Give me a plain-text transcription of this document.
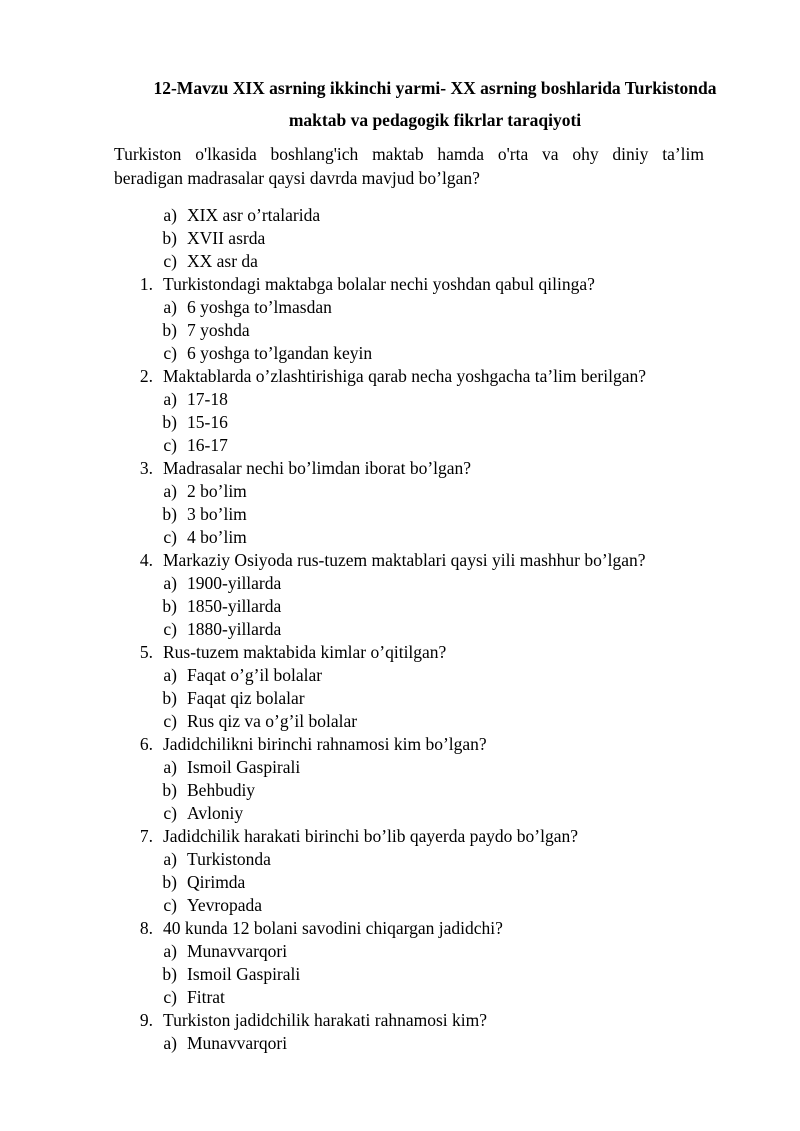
12-Mavzu XIX asrning ikkinchi yarmi- XX asrning boshlarida Turkistonda
maktab va pedagogik fikrlar taraqiyoti
Turkiston o'lkasida boshlang'ich maktab hamda o'rta va ohy diniy ta’lim
beradigan madrasalar qaysi davrda mavjud bo’lgan?
a) XIX asr o’rtalarida
b) XVII asrda
c) XX asr da
1. Turkistondagi maktabga bolalar nechi yoshdan qabul qilinga?
a) 6 yoshga to’lmasdan
b) 7 yoshda
c) 6 yoshga to’lgandan keyin
2. Maktablarda o’zlashtirishiga qarab necha yoshgacha ta’lim berilgan?
a) 17-18
b) 15-16
c) 16-17
3. Madrasalar nechi bo’limdan iborat bo’lgan?
a) 2 bo’lim
b) 3 bo’lim
c) 4 bo’lim
4. Markaziy Osiyoda rus-tuzem maktablari qaysi yili mashhur bo’lgan?
a) 1900-yillarda
b) 1850-yillarda
c) 1880-yillarda
5. Rus-tuzem maktabida kimlar o’qitilgan?
a) Faqat o’g’il bolalar
b) Faqat qiz bolalar
c) Rus qiz va o’g’il bolalar
6. Jadidchilikni birinchi rahnamosi kim bo’lgan?
a) Ismoil Gaspirali
b) Behbudiy
c) Avloniy
7. Jadidchilik harakati birinchi bo’lib qayerda paydo bo’lgan?
a) Turkistonda
b) Qirimda
c) Yevropada
8. 40 kunda 12 bolani savodini chiqargan jadidchi?
a) Munavvarqori
b) Ismoil Gaspirali
c) Fitrat
9. Turkiston jadidchilik harakati rahnamosi kim?
a) Munavvarqori
